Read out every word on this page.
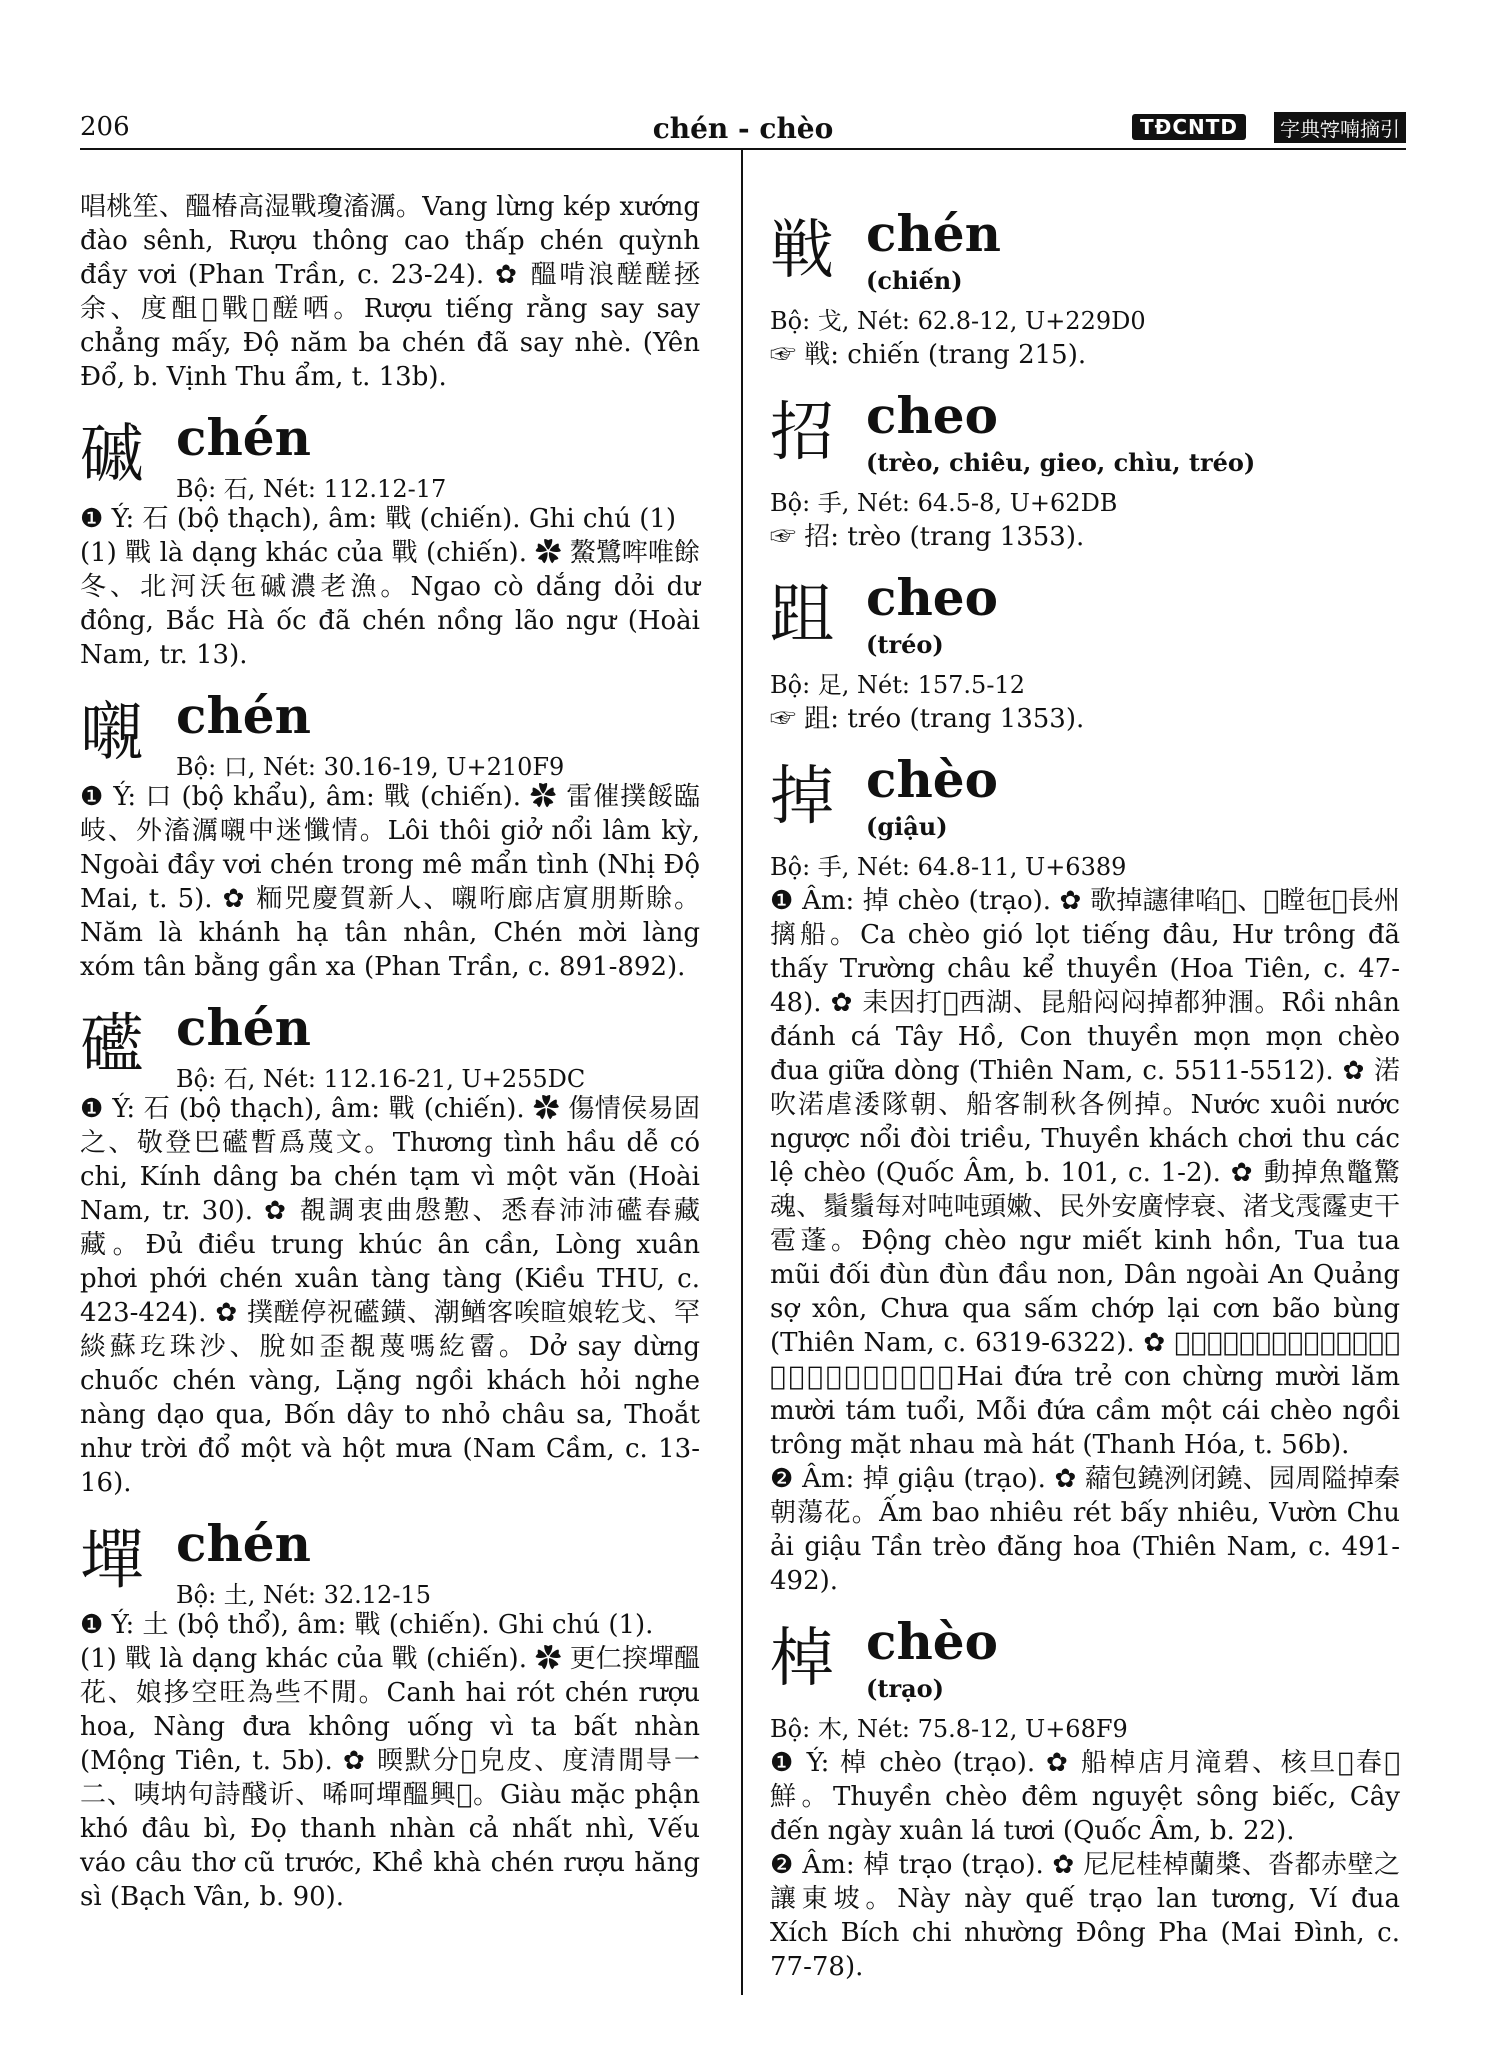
206	chén - chèo	TĐCNTD	字典𡨸喃摘引

唱桃笙、醞椿高湿戰瓊滀濿。Vang lừng kép xướng đào sênh, Rượu thông cao thấp chén quỳnh đầy vơi (Phan Trần, c. 23-24). ✿ 醞啃浪醝醝拯余、度䣯𥙩戰𠀧醝哂。Rượu tiếng rằng say say chẳng mấy, Độ năm ba chén đã say nhè. (Yên Đổ, b. Vịnh Thu ẩm, t. 13b).

磩 chén
Bộ: 石, Nét: 112.12-17

❶ Ý: 石 (bộ thạch), âm: 戰 (chiến). Ghi chú (1)

(1) 戰 là dạng khác của 戰 (chiến). ✿ 鰲鷺哰唯餘冬、北河沃㐌磩濃老漁。Ngao cò dắng dỏi dư đông, Bắc Hà ốc đã chén nồng lão ngư (Hoài Nam, tr. 13).

嚫 chén
Bộ: 口, Nét: 30.16-19, U+210F9

❶ Ý: 口 (bộ khẩu), âm: 戰 (chiến). ✿ 雷催撲餒臨岐、外滀濿嚫中迷懺情。Lôi thôi giở nổi lâm kỳ, Ngoài đầy vơi chén trong mê mẩn tình (Nhị Độ Mai, t. 5). ✿ 粫兕慶賀新人、嚫哘廊店賔朋斯賖。Năm là khánh hạ tân nhân, Chén mời làng xóm tân bằng gần xa (Phan Trần, c. 891-892).

礷 chén
Bộ: 石, Nét: 112.16-21, U+255DC

❶ Ý: 石 (bộ thạch), âm: 戰 (chiến). ✿ 傷情侯易固之、敬登巴礷暫爲蔑文。Thương tình hầu dễ có chi, Kính dâng ba chén tạm vì một văn (Hoài Nam, tr. 30). ✿ 覩調衷曲慇懃、悉春沛沛礷春藏藏。Đủ điều trung khúc ân cần, Lòng xuân phơi phới chén xuân tàng tàng (Kiều THU, c. 423-424). ✿ 撲醝停祝礷鐄、潮䲡客唉暄娘䢀戈、罕緂蘇𤣮珠沙、脫如歪覩蔑嗎紇霤。Dở say dừng chuốc chén vàng, Lặng ngồi khách hỏi nghe nàng dạo qua, Bốn dây to nhỏ châu sa, Thoắt như trời đổ một và hột mưa (Nam Cầm, c. 13-16).

墠 chén
Bộ: 土, Nét: 32.12-15

❶ Ý: 土 (bộ thổ), âm: 戰 (chiến). Ghi chú (1).

(1) 戰 là dạng khác của 戰 (chiến). ✿ 更仁揬墠醞花、娘拸空旺為些不閒。Canh hai rót chén rượu hoa, Nàng đưa không uống vì ta bất nhàn (Mộng Tiên, t. 5b). ✿ 㬉默分𡗶皃皮、度清閒㝵一二、咦㘨句詩醆䜣、唏呵墠醞興𪠞。Giàu mặc phận khó đâu bì, Đọ thanh nhàn cả nhất nhì, Vếu váo câu thơ cũ trước, Khề khà chén rượu hăng sì (Bạch Vân, b. 90).

戦 chén
(chiến)

Bộ: 戈, Nét: 62.8-12, U+229D0

☞ 戦: chiến (trang 215).

招 cheo
(trèo, chiêu, gieo, chìu, tréo)

Bộ: 手, Nét: 64.5-8, U+62DB

☞ 招: trèo (trang 1353).

跙 cheo
(tréo)

Bộ: 足, Nét: 157.5-12

☞ 跙: tréo (trang 1353).

掉 chèo
(giậu)

Bộ: 手, Nét: 64.8-11, U+6389

❶ Âm: 掉 chèo (trạo). ✿ 歌掉䜢律啗𠶋、𥉮瞠㐌𧡊長州摛船。Ca chèo gió lọt tiếng đâu, Hư trông đã thấy Trường châu kể thuyền (Hoa Tiên, c. 47-48). ✿ 耒因打𩵜西湖、昆船闷闷掉都狆涠。Rồi nhân đánh cá Tây Hồ, Con thuyền mọn mọn chèo đua giữa dòng (Thiên Nam, c. 5511-5512). ✿ 渃吹渃虐涹隊朝、船客制秋各例掉。Nước xuôi nước ngược nổi đòi triều, Thuyền khách chơi thu các lệ chèo (Quốc Âm, b. 101, c. 1-2). ✿ 動掉魚鼈驚魂、鬚鬚每对吨吨頭嫩、民外安廣悖衰、渚戈𩂟霳吏干雹蓬。Động chèo ngư miết kinh hồn, Tua tua mũi đối đùn đùn đầu non, Dân ngoài An Quảng sợ xôn, Chưa qua sấm chớp lại cơn bão bùng (Thiên Nam, c. 6319-6322). ✿ 𠂝𥙪𥚄𤢿澄廸𣛟廸𠦻歲、每㐌拎𣳔丐掉坐𪄌𦝄鐃麻唱。Hai đứa trẻ con chừng mười lăm mười tám tuổi, Mỗi đứa cầm một cái chèo ngồi trông mặt nhau mà hát (Thanh Hóa, t. 56b).

❷ Âm: 掉 giậu (trạo). ✿ 𧃴包鐃洌闭鐃、园周隘掉秦朝蕩花。Ấm bao nhiêu rét bấy nhiêu, Vườn Chu ải giậu Tần trèo đăng hoa (Thiên Nam, c. 491-492).

棹 chèo
(trạo)

Bộ: 木, Nét: 75.8-12, U+68F9

❶ Ý: 棹 chèo (trạo). ✿ 船棹店月滝碧、核旦𣎀春𤽗鮮。Thuyền chèo đêm nguyệt sông biếc, Cây đến ngày xuân lá tươi (Quốc Âm, b. 22).

❷ Âm: 棹 trạo (trạo). ✿ 尼尼桂棹蘭槳、沓都赤壁之讓東坡。Này này quế trạo lan tương, Ví đua Xích Bích chi nhường Đông Pha (Mai Đình, c. 77-78).
